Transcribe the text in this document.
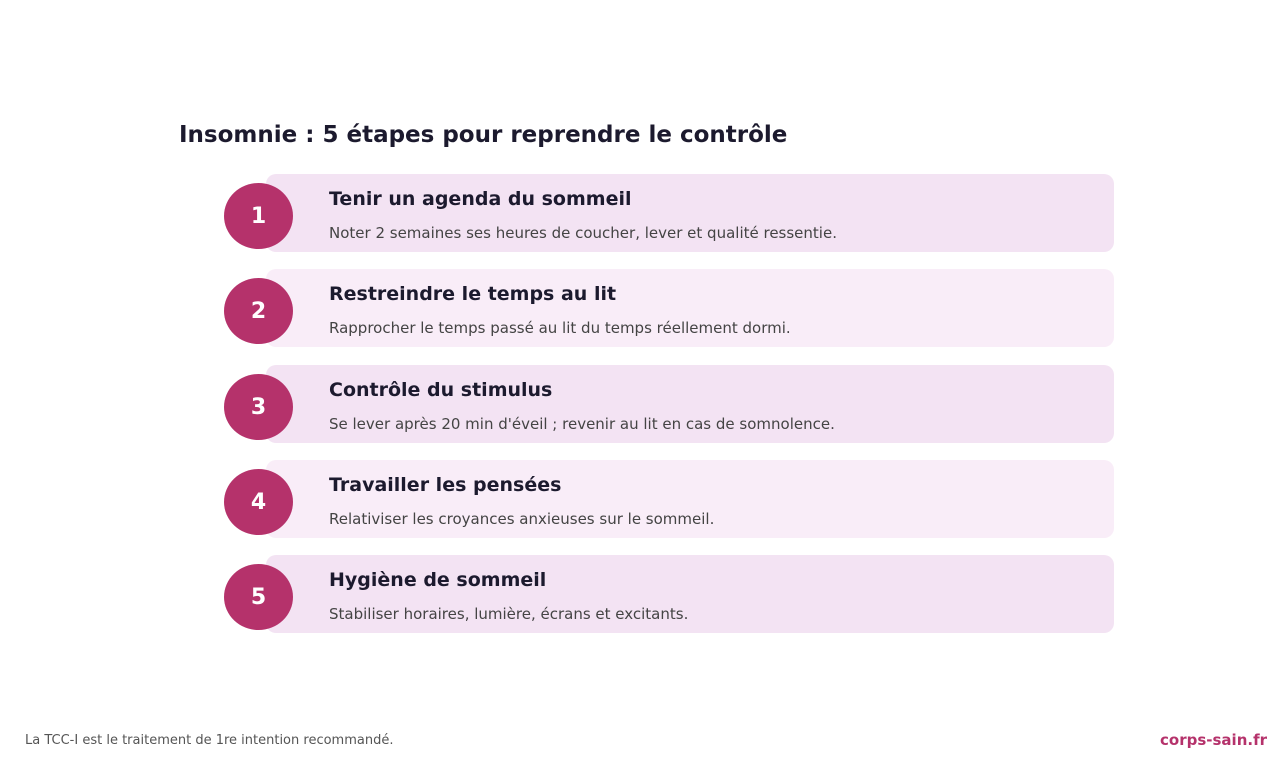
Insomnie : 5 étapes pour reprendre le contrôle
1
Tenir un agenda du sommeil
Noter 2 semaines ses heures de coucher, lever et qualité ressentie.
2
Restreindre le temps au lit
Rapprocher le temps passé au lit du temps réellement dormi.
3
Contrôle du stimulus
Se lever après 20 min d'éveil ; revenir au lit en cas de somnolence.
4
Travailler les pensées
Relativiser les croyances anxieuses sur le sommeil.
5
Hygiène de sommeil
Stabiliser horaires, lumière, écrans et excitants.
La TCC-I est le traitement de 1re intention recommandé.	corps-sain.fr
